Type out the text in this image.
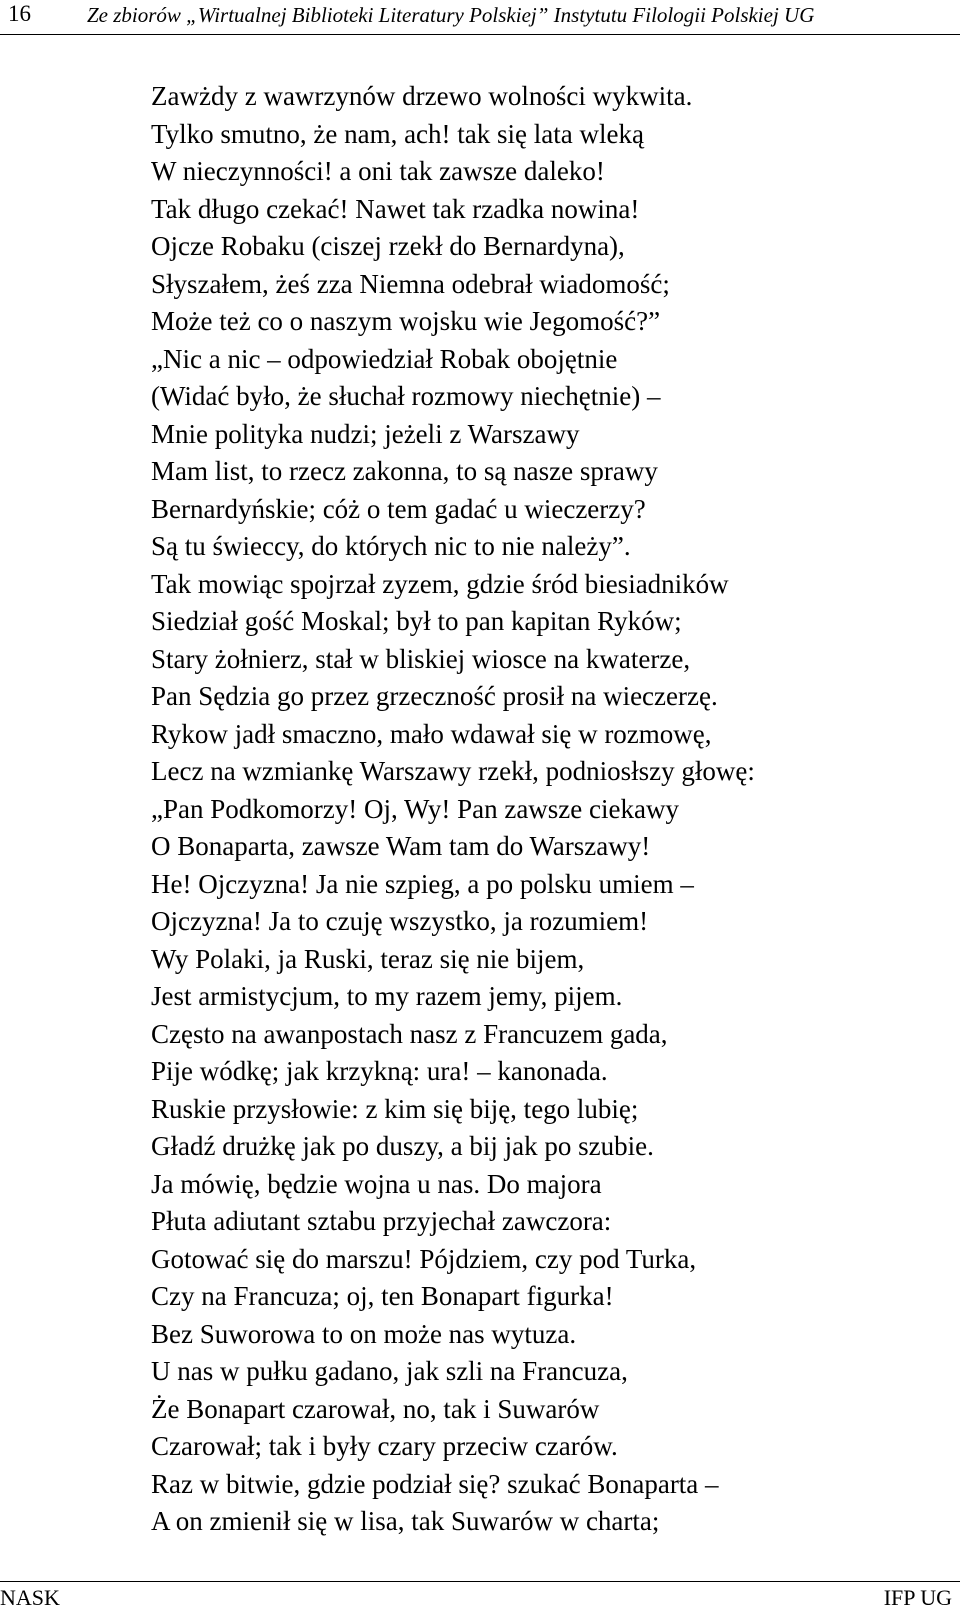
16	Ze zbiorów „Wirtualnej Biblioteki Literatury Polskiej” Instytutu Filologii Polskiej UG
Zawżdy z wawrzynów drzewo wolności wykwita.
Tylko smutno, że nam, ach! tak się lata wleką
W nieczynności! a oni tak zawsze daleko!
Tak długo czekać! Nawet tak rzadka nowina!
Ojcze Robaku (ciszej rzekł do Bernardyna),
Słyszałem, żeś zza Niemna odebrał wiadomość;
Może też co o naszym wojsku wie Jegomość?”
„Nic a nic – odpowiedział Robak obojętnie
(Widać było, że słuchał rozmowy niechętnie) –
Mnie polityka nudzi; jeżeli z Warszawy
Mam list, to rzecz zakonna, to są nasze sprawy
Bernardyńskie; cóż o tem gadać u wieczerzy?
Są tu świeccy, do których nic to nie należy”.
Tak mowiąc spojrzał zyzem, gdzie śród biesiadników
Siedział gość Moskal; był to pan kapitan Ryków;
Stary żołnierz, stał w bliskiej wiosce na kwaterze,
Pan Sędzia go przez grzeczność prosił na wieczerzę.
Rykow jadł smaczno, mało wdawał się w rozmowę,
Lecz na wzmiankę Warszawy rzekł, podniosłszy głowę:
„Pan Podkomorzy! Oj, Wy! Pan zawsze ciekawy
O Bonaparta, zawsze Wam tam do Warszawy!
He! Ojczyzna! Ja nie szpieg, a po polsku umiem –
Ojczyzna! Ja to czuję wszystko, ja rozumiem!
Wy Polaki, ja Ruski, teraz się nie bijem,
Jest armistycjum, to my razem jemy, pijem.
Często na awanpostach nasz z Francuzem gada,
Pije wódkę; jak krzykną: ura! – kanonada.
Ruskie przysłowie: z kim się biję, tego lubię;
Gładź drużkę jak po duszy, a bij jak po szubie.
Ja mówię, będzie wojna u nas. Do majora
Płuta adiutant sztabu przyjechał zawczora:
Gotować się do marszu! Pójdziem, czy pod Turka,
Czy na Francuza; oj, ten Bonapart figurka!
Bez Suworowa to on może nas wytuza.
U nas w pułku gadano, jak szli na Francuza,
Że Bonapart czarował, no, tak i Suwarów
Czarował; tak i były czary przeciw czarów.
Raz w bitwie, gdzie podział się? szukać Bonaparta –
A on zmienił się w lisa, tak Suwarów w charta;
NASK	IFP UG
